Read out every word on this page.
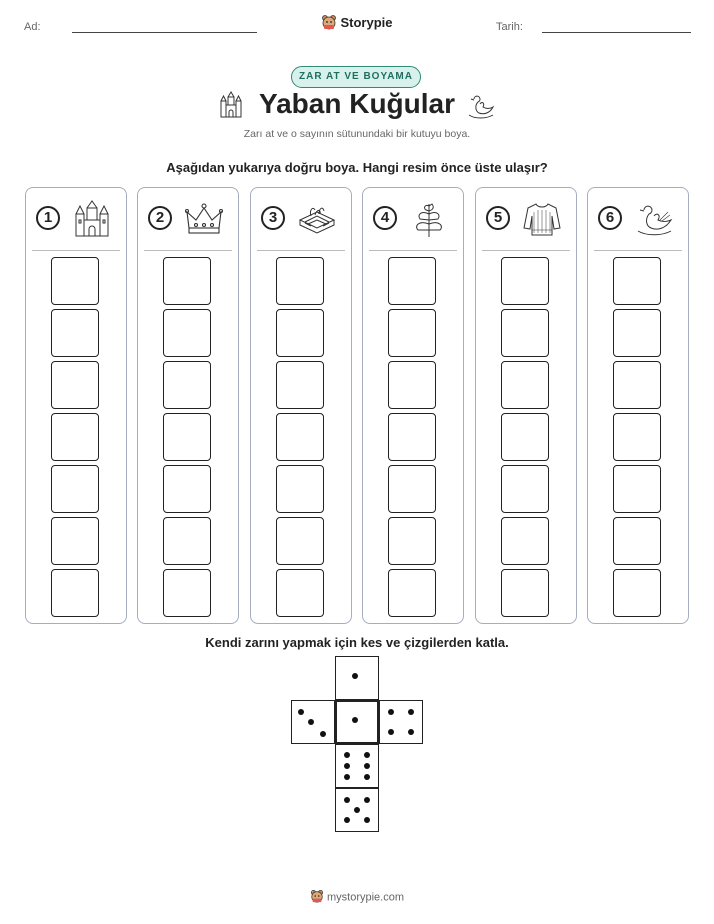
Ad:	Tarih:
Storypie
ZAR AT VE BOYAMA
Yaban Kuğular
Zarı at ve o sayının sütunundaki bir kutuyu boya.
Aşağıdan yukarıya doğru boya. Hangi resim önce üste ulaşır?
1	2	3	4	5	6
Kendi zarını yapmak için kes ve çizgilerden katla.
mystorypie.com
